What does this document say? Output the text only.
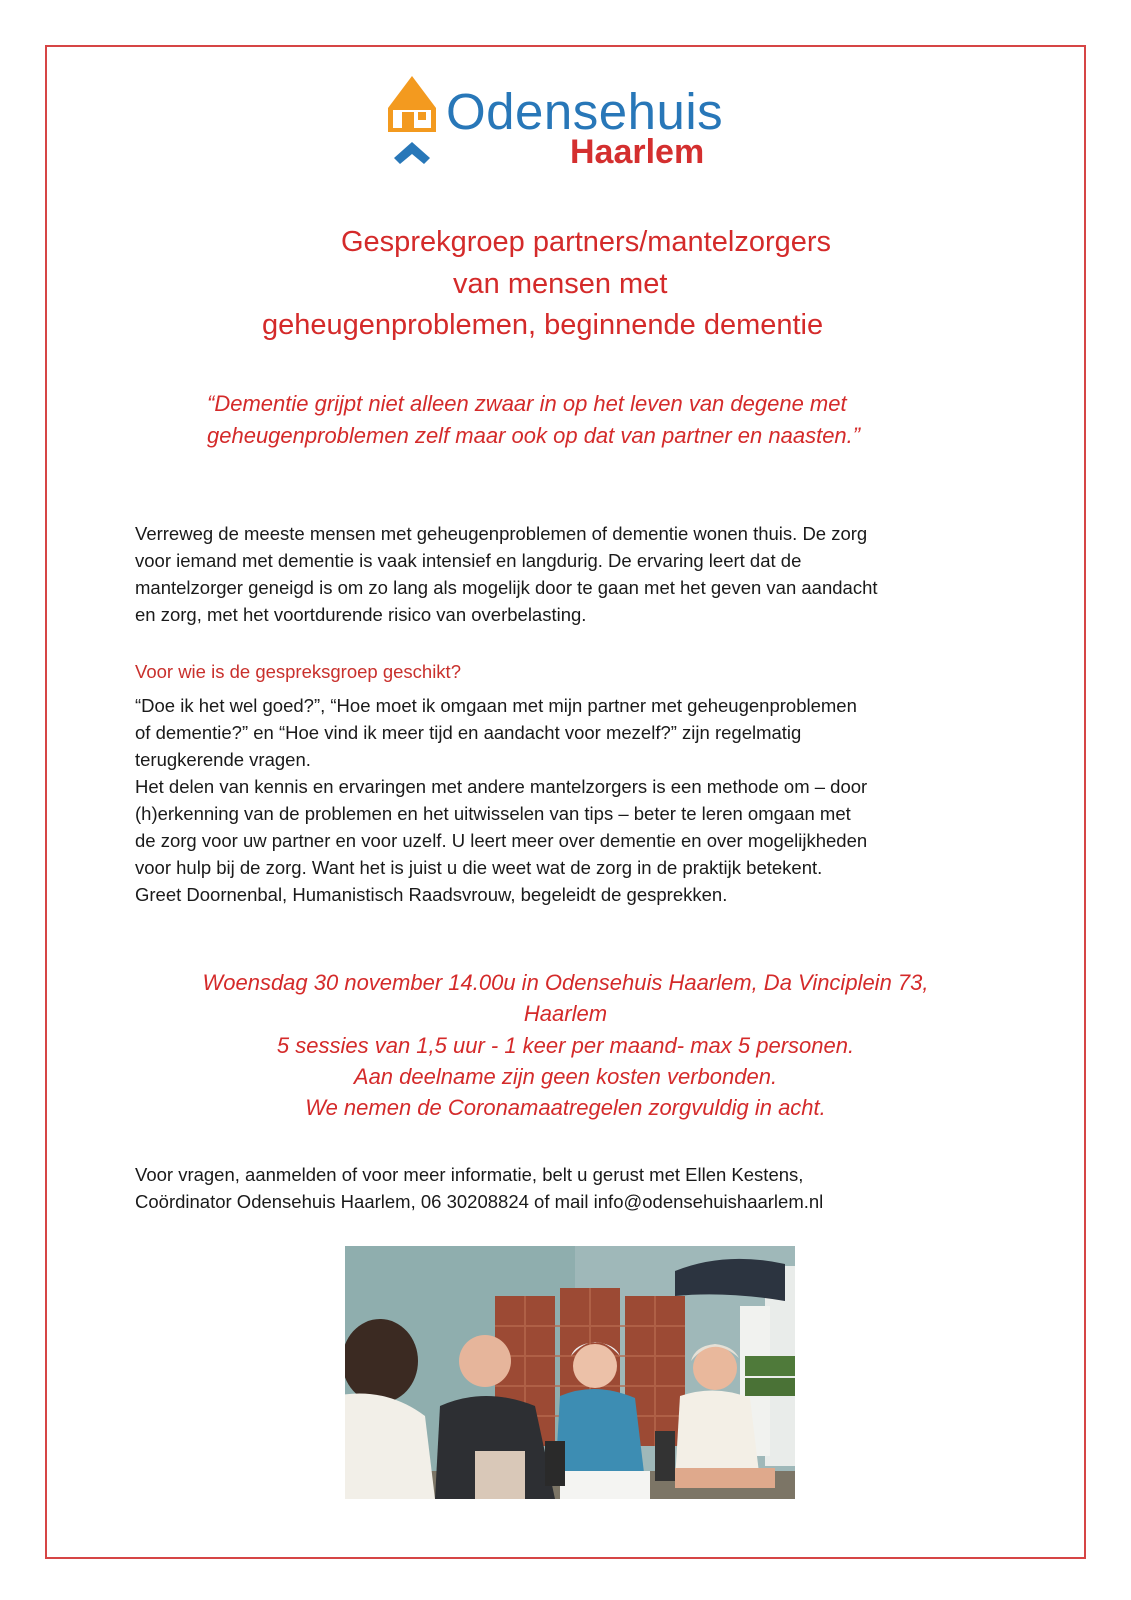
Odensehuis
Haarlem
Gesprekgroep partners/mantelzorgers
van mensen met
geheugenproblemen, beginnende dementie
“Dementie grijpt niet alleen zwaar in op het leven van degene met
geheugenproblemen zelf maar ook op dat van partner en naasten.”

Verreweg de meeste mensen met geheugenproblemen of dementie wonen thuis. De zorg

voor iemand met dementie is vaak intensief en langdurig. De ervaring leert dat de

mantelzorger geneigd is om zo lang als mogelijk door te gaan met het geven van aandacht

en zorg, met het voortdurende risico van overbelasting.

Voor wie is de gespreksgroep geschikt?

“Doe ik het wel goed?”, “Hoe moet ik omgaan met mijn partner met geheugenproblemen

of dementie?” en “Hoe vind ik meer tijd en aandacht voor mezelf?” zijn regelmatig

terugkerende vragen.

Het delen van kennis en ervaringen met andere mantelzorgers is een methode om – door

(h)erkenning van de problemen en het uitwisselen van tips – beter te leren omgaan met

de zorg voor uw partner en voor uzelf. U leert meer over dementie en over mogelijkheden

voor hulp bij de zorg. Want het is juist u die weet wat de zorg in de praktijk betekent.

Greet Doornenbal, Humanistisch Raadsvrouw, begeleidt de gesprekken.

Woensdag 30 november 14.00u in Odensehuis Haarlem, Da Vinciplein 73,
Haarlem
5 sessies van 1,5 uur - 1 keer per maand- max 5 personen.
Aan deelname zijn geen kosten verbonden.
We nemen de Coronamaatregelen zorgvuldig in acht.

Voor vragen, aanmelden of voor meer informatie, belt u gerust met Ellen Kestens,

Coördinator Odensehuis Haarlem, 06 30208824 of mail info@odensehuishaarlem.nl
